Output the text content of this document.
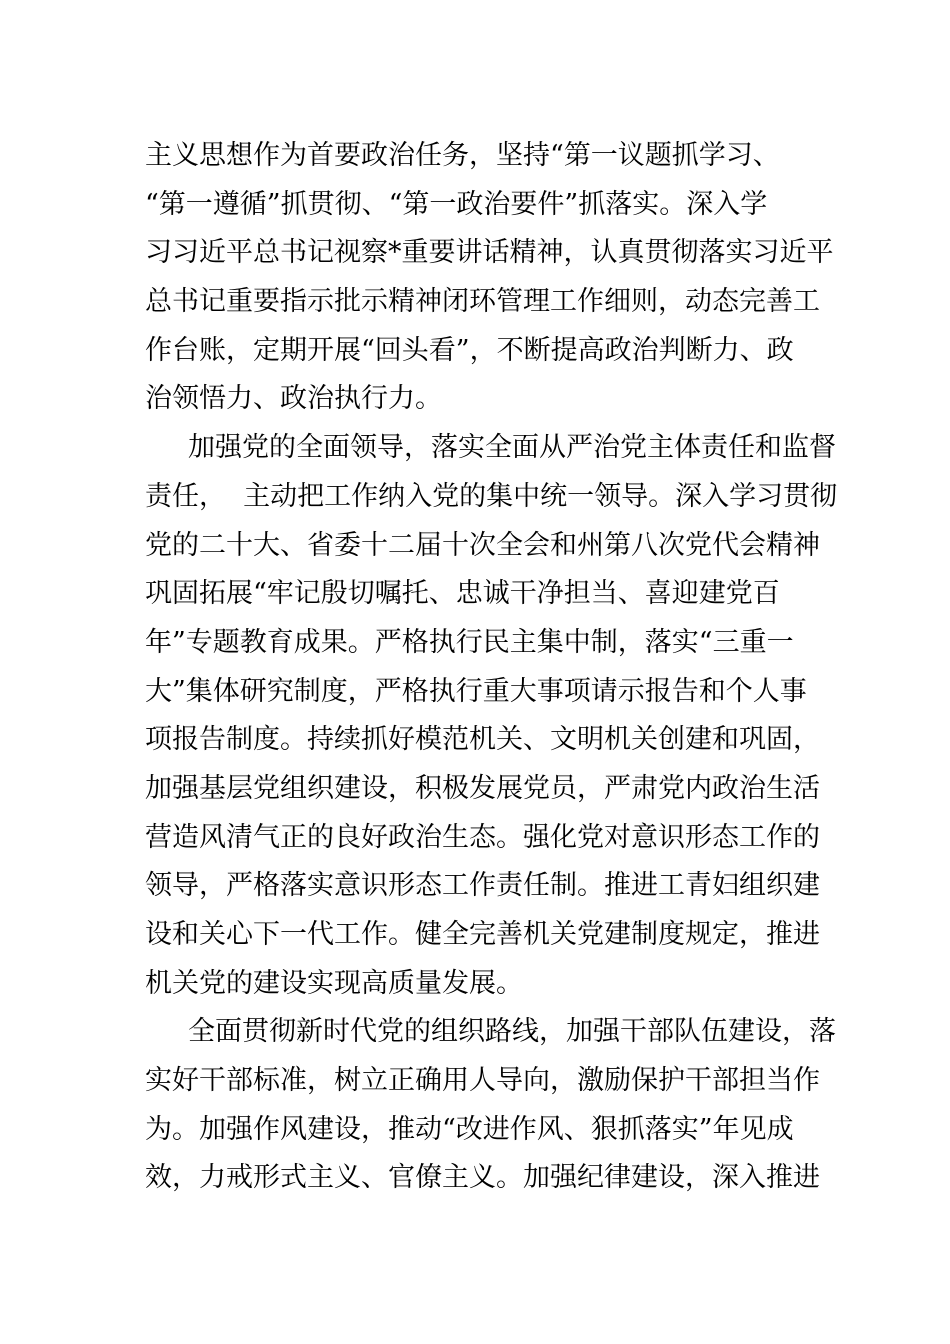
主义思想作为首要政治任务，坚持“第一议题抓学习、
“第一遵循”抓贯彻、“第一政治要件”抓落实。深入学
习习近平总书记视察*重要讲话精神，认真贯彻落实习近平
总书记重要指示批示精神闭环管理工作细则，动态完善工
作台账，定期开展“回头看”，不断提高政治判断力、政
治领悟力、政治执行力。
加强党的全面领导，落实全面从严治党主体责任和监督
责任，  主动把工作纳入党的集中统一领导。深入学习贯彻
党的二十大、省委十二届十次全会和州第八次党代会精神
巩固拓展“牢记殷切嘱托、忠诚干净担当、喜迎建党百
年”专题教育成果。严格执行民主集中制，落实“三重一
大”集体研究制度，严格执行重大事项请示报告和个人事
项报告制度。持续抓好模范机关、文明机关创建和巩固，
加强基层党组织建设，积极发展党员，严肃党内政治生活
营造风清气正的良好政治生态。强化党对意识形态工作的
领导，严格落实意识形态工作责任制。推进工青妇组织建
设和关心下一代工作。健全完善机关党建制度规定，推进
机关党的建设实现高质量发展。
全面贯彻新时代党的组织路线，加强干部队伍建设，落
实好干部标准，树立正确用人导向，激励保护干部担当作
为。加强作风建设，推动“改进作风、狠抓落实”年见成
效，力戒形式主义、官僚主义。加强纪律建设，深入推进
